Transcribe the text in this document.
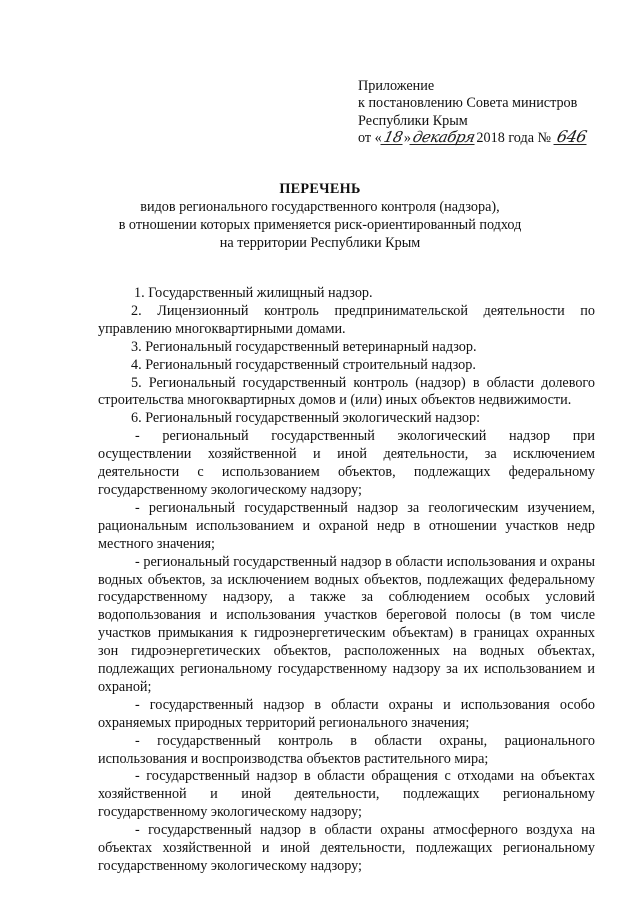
Приложение
к постановлению Совета министров
Республики Крым
от «18»декабря2018 года № 646
ПЕРЕЧЕНЬ
видов регионального государственного контроля (надзора),
в отношении которых применяется риск-ориентированный подход
на территории Республики Крым

1. Государственный жилищный надзор.

2. Лицензионный контроль предпринимательской деятельности по управлению многоквартирными домами.

3. Региональный государственный ветеринарный надзор.

4. Региональный государственный строительный надзор.

5. Региональный государственный контроль (надзор) в области долевого строительства многоквартирных домов и (или) иных объектов недвижимости.

6. Региональный государственный экологический надзор:

- региональный государственный экологический надзор при осуществлении хозяйственной и иной деятельности, за исключением деятельности с использованием объектов, подлежащих федеральному государственному экологическому надзору;

- региональный государственный надзор за геологическим изучением, рациональным использованием и охраной недр в отношении участков недр местного значения;

- региональный государственный надзор в области использования и охраны водных объектов, за исключением водных объектов, подлежащих федеральному государственному надзору, а также за соблюдением особых условий водопользования и использования участков береговой полосы (в том числе участков примыкания к гидроэнергетическим объектам) в границах охранных зон гидроэнергетических объектов, расположенных на водных объектах, подлежащих региональному государственному надзору за их использованием и охраной;

- государственный надзор в области охраны и использования особо охраняемых природных территорий регионального значения;

- государственный контроль в области охраны, рационального использования и воспроизводства объектов растительного мира;

- государственный надзор в области обращения с отходами на объектах хозяйственной и иной деятельности, подлежащих региональному государственному экологическому надзору;

- государственный надзор в области охраны атмосферного воздуха на объектах хозяйственной и иной деятельности, подлежащих региональному государственному экологическому надзору;
